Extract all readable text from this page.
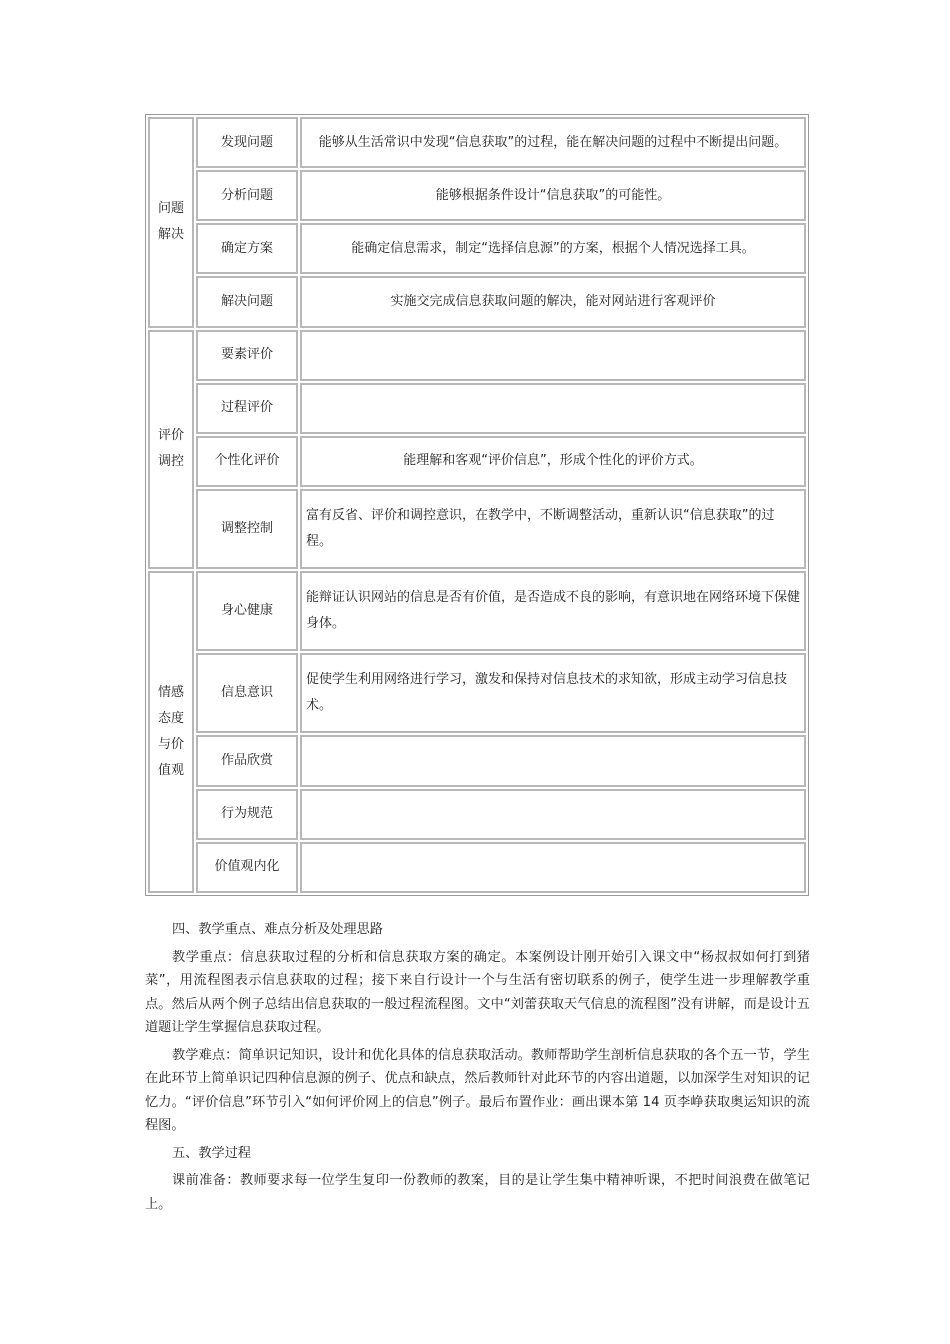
问题解决	发现问题	能够从生活常识中发现“信息获取”的过程，能在解决问题的过程中不断提出问题。
	分析问题	能够根据条件设计“信息获取”的可能性。
	确定方案	能确定信息需求，制定“选择信息源”的方案，根据个人情况选择工具。
	解决问题	实施交完成信息获取问题的解决，能对网站进行客观评价
评价调控	要素评价	
	过程评价	
	个性化评价	能理解和客观“评价信息”，形成个性化的评价方式。
	调整控制	富有反省、评价和调控意识，在教学中，不断调整活动，重新认识“信息获取”的过程。
情感态度与价值观	身心健康	能辩证认识网站的信息是否有价值，是否造成不良的影响，有意识地在网络环境下保健身体。
	信息意识	促使学生利用网络进行学习，激发和保持对信息技术的求知欲，形成主动学习信息技术。
	作品欣赏	
	行为规范	
	价值观内化	

四、教学重点、难点分析及处理思路

教学重点：信息获取过程的分析和信息获取方案的确定。本案例设计刚开始引入课文中“杨叔叔如何打到猪菜”，用流程图表示信息获取的过程；接下来自行设计一个与生活有密切联系的例子，使学生进一步理解教学重点。然后从两个例子总结出信息获取的一般过程流程图。文中“刘蕾获取天气信息的流程图”没有讲解，而是设计五道题让学生掌握信息获取过程。

教学难点：简单识记知识，设计和优化具体的信息获取活动。教师帮助学生剖析信息获取的各个五一节，学生在此环节上简单识记四种信息源的例子、优点和缺点，然后教师针对此环节的内容出道题，以加深学生对知识的记忆力。“评价信息”环节引入“如何评价网上的信息”例子。最后布置作业：画出课本第 14 页李峥获取奥运知识的流程图。

五、教学过程

课前准备：教师要求每一位学生复印一份教师的教案，目的是让学生集中精神听课，不把时间浪费在做笔记上。
